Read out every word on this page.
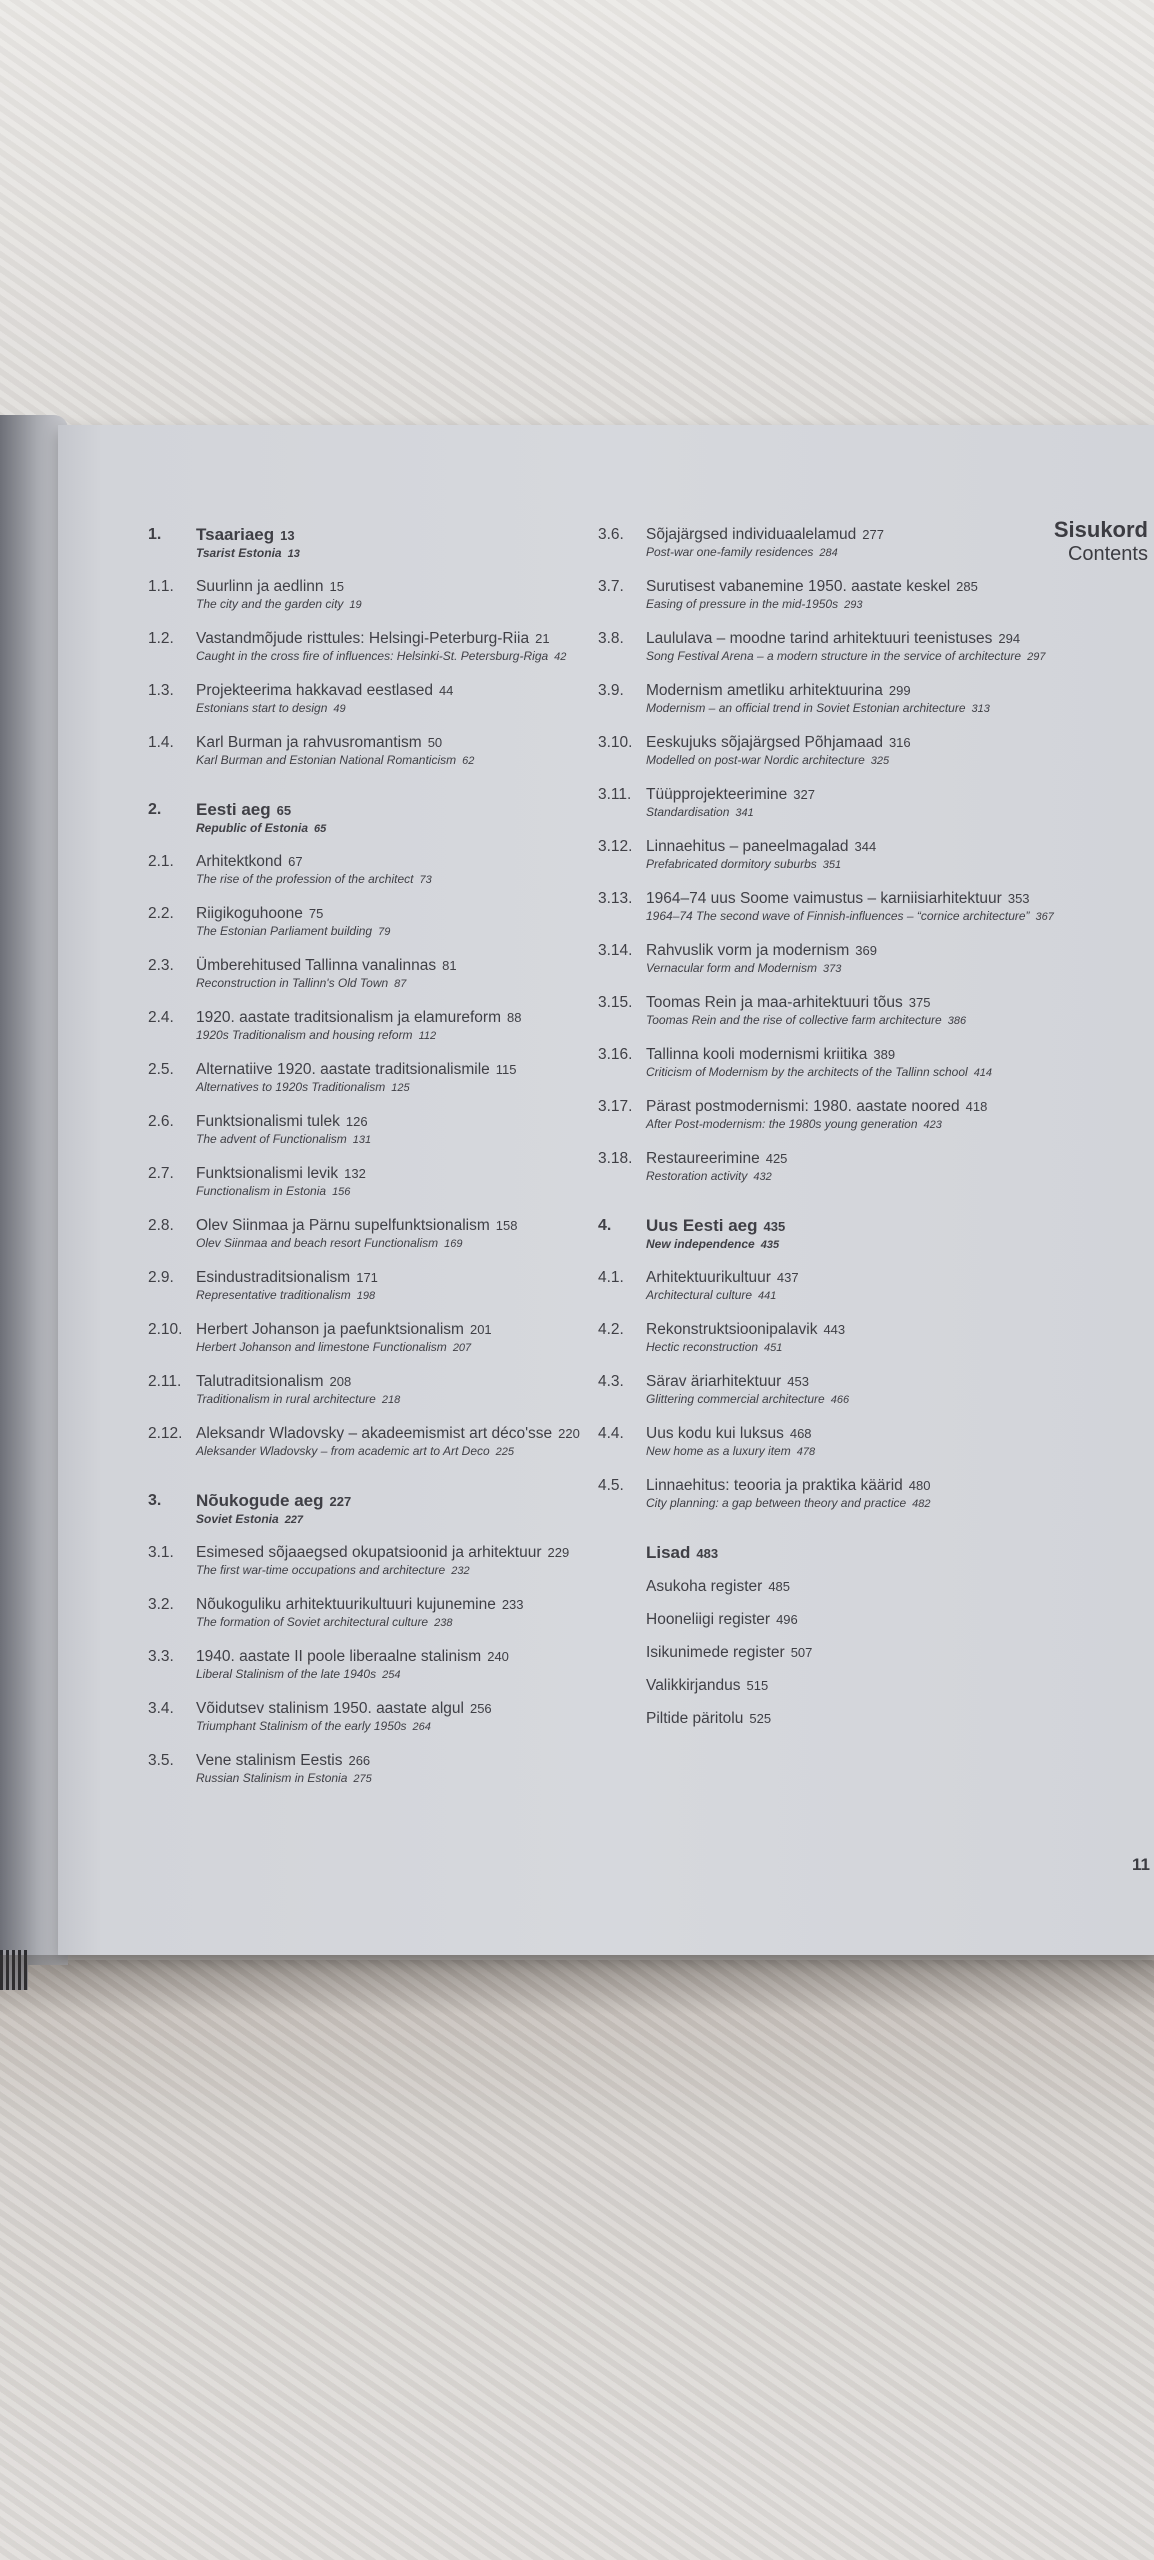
Sisukord
Contents
1.	Tsaariaeg 13
Tsarist Estonia 13
1.1.	Suurlinn ja aedlinn 15
The city and the garden city 19
1.2.	Vastandmõjude risttules: Helsingi-Peterburg-Riia 21
Caught in the cross fire of influences: Helsinki-St. Petersburg-Riga 42
1.3.	Projekteerima hakkavad eestlased 44
Estonians start to design 49
1.4.	Karl Burman ja rahvusromantism 50
Karl Burman and Estonian National Romanticism 62
2.	Eesti aeg 65
Republic of Estonia 65
2.1.	Arhitektkond 67
The rise of the profession of the architect 73
2.2.	Riigikoguhoone 75
The Estonian Parliament building 79
2.3.	Ümberehitused Tallinna vanalinnas 81
Reconstruction in Tallinn's Old Town 87
2.4.	1920. aastate traditsionalism ja elamureform 88
1920s Traditionalism and housing reform 112
2.5.	Alternatiive 1920. aastate traditsionalismile 115
Alternatives to 1920s Traditionalism 125
2.6.	Funktsionalismi tulek 126
The advent of Functionalism 131
2.7.	Funktsionalismi levik 132
Functionalism in Estonia 156
2.8.	Olev Siinmaa ja Pärnu supelfunktsionalism 158
Olev Siinmaa and beach resort Functionalism 169
2.9.	Esindustraditsionalism 171
Representative traditionalism 198
2.10. Herbert Johanson ja paefunktsionalism 201
Herbert Johanson and limestone Functionalism 207
2.11. Talutraditsionalism 208
Traditionalism in rural architecture 218
2.12. Aleksandr Wladovsky – akadeemismist art déco'sse 220
Aleksander Wladovsky – from academic art to Art Deco 225
3.	Nõukogude aeg 227
Soviet Estonia 227
3.1.	Esimesed sõjaaegsed okupatsioonid ja arhitektuur 229
The first war-time occupations and architecture 232
3.2.	Nõukoguliku arhitektuurikultuuri kujunemine 233
The formation of Soviet architectural culture 238
3.3.	1940. aastate II poole liberaalne stalinism 240
Liberal Stalinism of the late 1940s 254
3.4.	Võidutsev stalinism 1950. aastate algul 256
Triumphant Stalinism of the early 1950s 264
3.5.	Vene stalinism Eestis 266
Russian Stalinism in Estonia 275
3.6.	Sõjajärgsed individuaalelamud 277
Post-war one-family residences 284
3.7.	Surutisest vabanemine 1950. aastate keskel 285
Easing of pressure in the mid-1950s 293
3.8.	Laululava – moodne tarind arhitektuuri teenistuses 294
Song Festival Arena – a modern structure in the service of architecture 297
3.9.	Modernism ametliku arhitektuurina 299
Modernism – an official trend in Soviet Estonian architecture 313
3.10. Eeskujuks sõjajärgsed Põhjamaad 316
Modelled on post-war Nordic architecture 325
3.11. Tüüpprojekteerimine 327
Standardisation 341
3.12. Linnaehitus – paneelmagalad 344
Prefabricated dormitory suburbs 351
3.13. 1964–74 uus Soome vaimustus – karniisiarhitektuur 353
1964–74 The second wave of Finnish-influences – “cornice architecture” 367
3.14. Rahvuslik vorm ja modernism 369
Vernacular form and Modernism 373
3.15. Toomas Rein ja maa-arhitektuuri tõus 375
Toomas Rein and the rise of collective farm architecture 386
3.16. Tallinna kooli modernismi kriitika 389
Criticism of Modernism by the architects of the Tallinn school 414
3.17. Pärast postmodernismi: 1980. aastate noored 418
After Post-modernism: the 1980s young generation 423
3.18. Restaureerimine 425
Restoration activity 432
4.	Uus Eesti aeg 435
New independence 435
4.1.	Arhitektuurikultuur 437
Architectural culture 441
4.2.	Rekonstruktsioonipalavik 443
Hectic reconstruction 451
4.3.	Särav äriarhitektuur 453
Glittering commercial architecture 466
4.4.	Uus kodu kui luksus 468
New home as a luxury item 478
4.5.	Linnaehitus: teooria ja praktika käärid 480
City planning: a gap between theory and practice 482
Lisad 483
Asukoha register 485
Hooneliigi register 496
Isikunimede register 507
Valikkirjandus 515
Piltide päritolu 525
11
